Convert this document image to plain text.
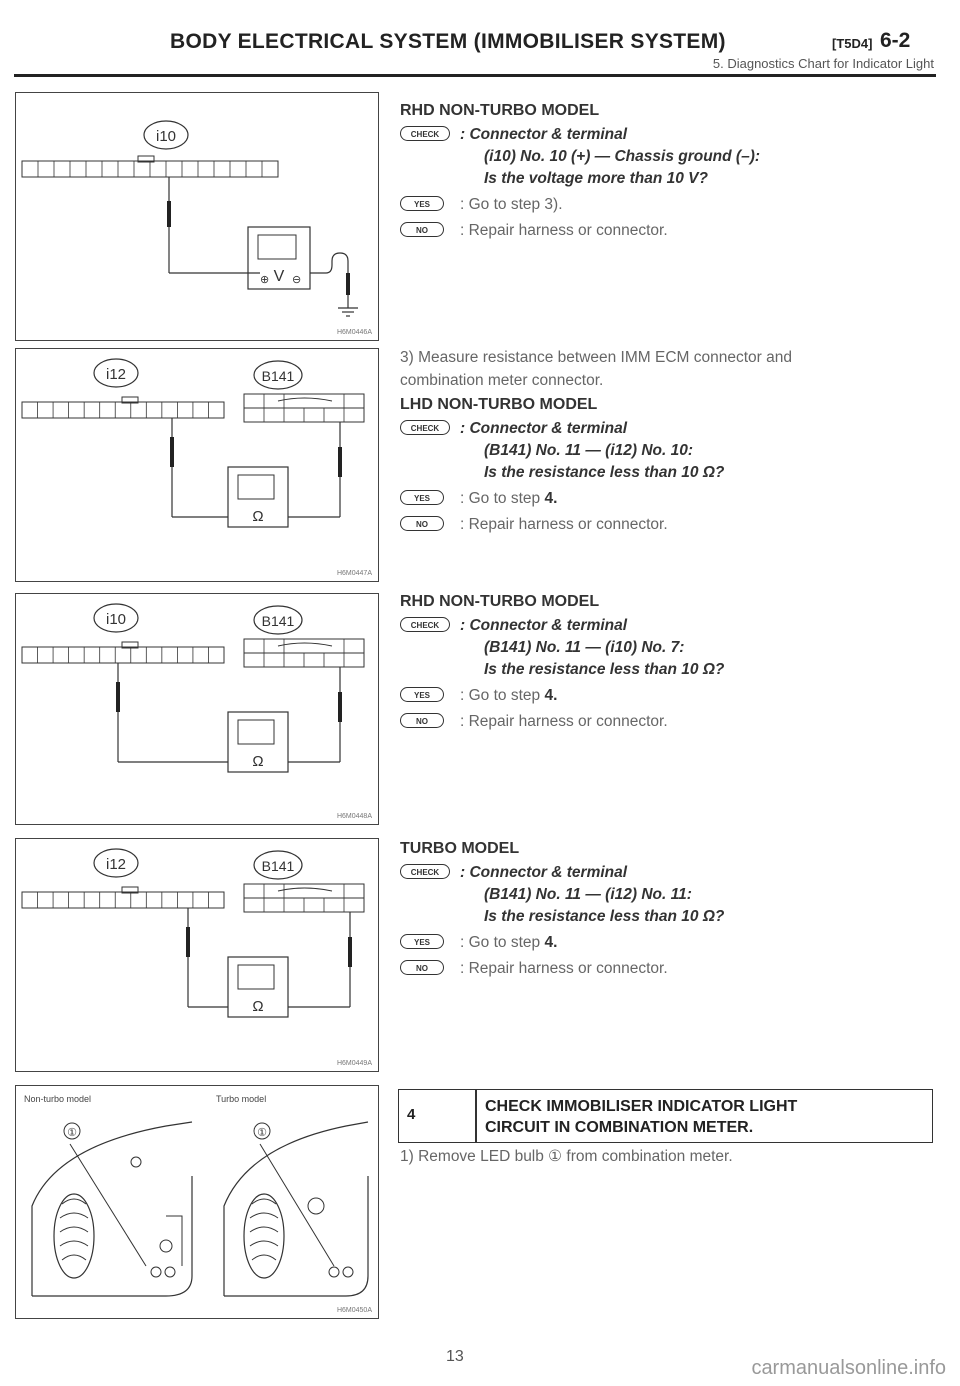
BODY ELECTRICAL SYSTEM (IMMOBILISER SYSTEM)	[T5D4] 6-2
5. Diagnostics Chart for Indicator Light
i10
V
⊕ ⊖
H6M0446A
i12	B141
Ω
H6M0447A
i10	B141
Ω
H6M0448A
i12	B141
Ω
H6M0449A
Non-turbo model	Turbo model
①	①
H6M0450A
RHD NON-TURBO MODEL
CHECK	: Connector & terminal
(i10) No. 10 (+) — Chassis ground (–):
Is the voltage more than 10 V?
YES	: Go to step 3).
NO	: Repair harness or connector.
3) Measure resistance between IMM ECM connector and
combination meter connector.
LHD NON-TURBO MODEL
CHECK	: Connector & terminal
(B141) No. 11 — (i12) No. 10:
Is the resistance less than 10 Ω?
YES	: Go to step 4.
NO	: Repair harness or connector.
RHD NON-TURBO MODEL
CHECK	: Connector & terminal
(B141) No. 11 — (i10) No. 7:
Is the resistance less than 10 Ω?
YES	: Go to step 4.
NO	: Repair harness or connector.
TURBO MODEL
CHECK	: Connector & terminal
(B141) No. 11 — (i12) No. 11:
Is the resistance less than 10 Ω?
YES	: Go to step 4.
NO	: Repair harness or connector.
4	CHECK IMMOBILISER INDICATOR LIGHT
CIRCUIT IN COMBINATION METER.
1) Remove LED bulb ① from combination meter.
13
carmanualsonline.info
